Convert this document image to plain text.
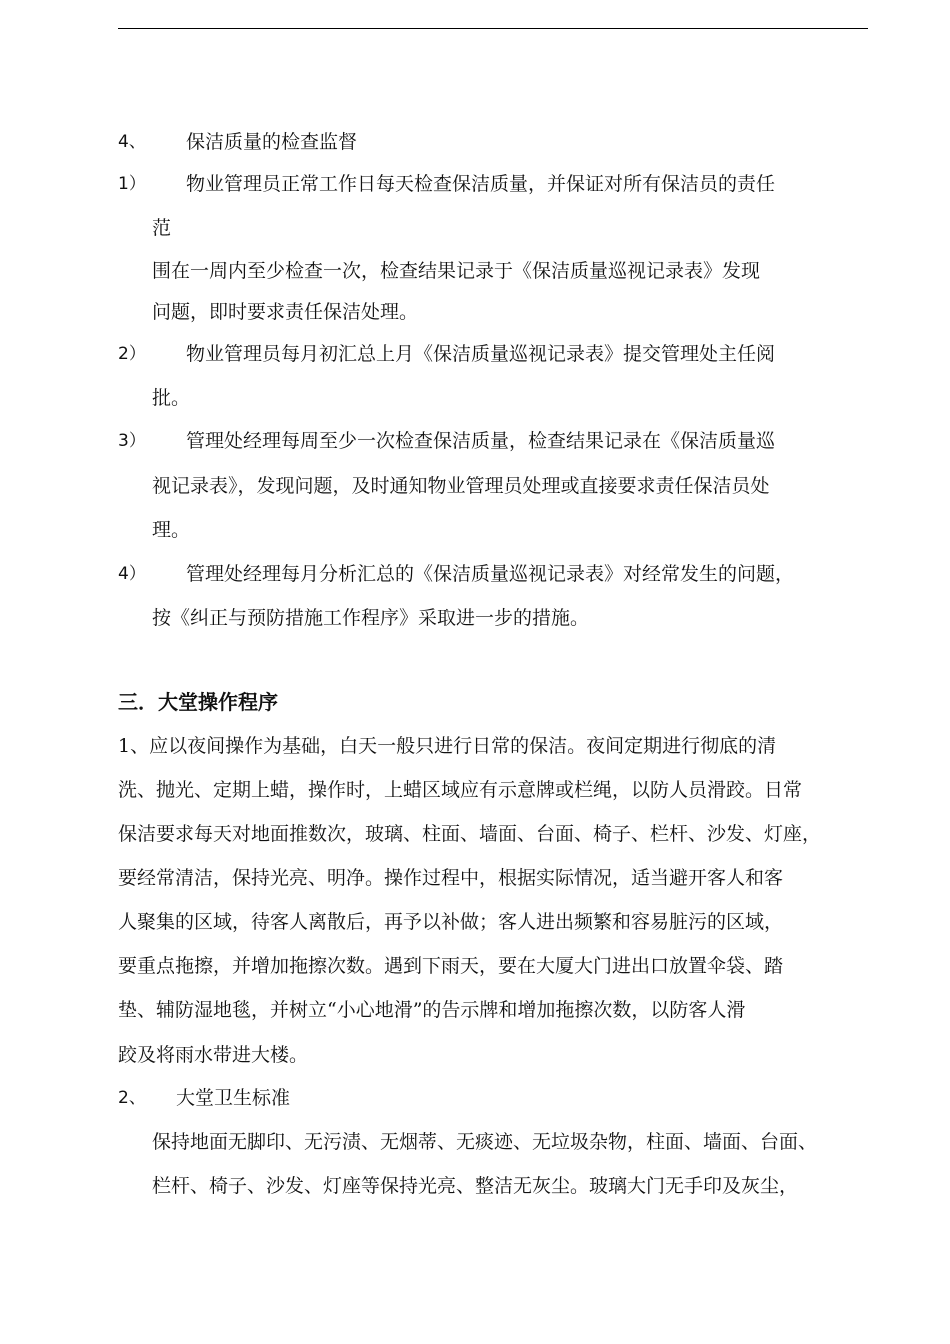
4、 保洁质量的检查监督
1） 物业管理员正常工作日每天检查保洁质量，并保证对所有保洁员的责任
范
围在一周内至少检查一次，检查结果记录于《保洁质量巡视记录表》发现
问题，即时要求责任保洁处理。
2） 物业管理员每月初汇总上月《保洁质量巡视记录表》提交管理处主任阅
批。
3） 管理处经理每周至少一次检查保洁质量，检查结果记录在《保洁质量巡
视记录表》，发现问题，及时通知物业管理员处理或直接要求责任保洁员处
理。
4） 管理处经理每月分析汇总的《保洁质量巡视记录表》对经常发生的问题，
按《纠正与预防措施工作程序》采取进一步的措施。
三．大堂操作程序
1、应以夜间操作为基础，白天一般只进行日常的保洁。夜间定期进行彻底的清
洗、抛光、定期上蜡，操作时，上蜡区域应有示意牌或栏绳，以防人员滑跤。日常
保洁要求每天对地面推数次，玻璃、柱面、墙面、台面、椅子、栏杆、沙发、灯座，
要经常清洁，保持光亮、明净。操作过程中，根据实际情况，适当避开客人和客
人聚集的区域，待客人离散后，再予以补做；客人进出频繁和容易脏污的区域，
要重点拖擦，并增加拖擦次数。遇到下雨天，要在大厦大门进出口放置伞袋、踏
垫、辅防湿地毯，并树立“小心地滑”的告示牌和增加拖擦次数，以防客人滑
跤及将雨水带进大楼。
2、 大堂卫生标准
保持地面无脚印、无污渍、无烟蒂、无痰迹、无垃圾杂物，柱面、墙面、台面、
栏杆、椅子、沙发、灯座等保持光亮、整洁无灰尘。玻璃大门无手印及灰尘，
